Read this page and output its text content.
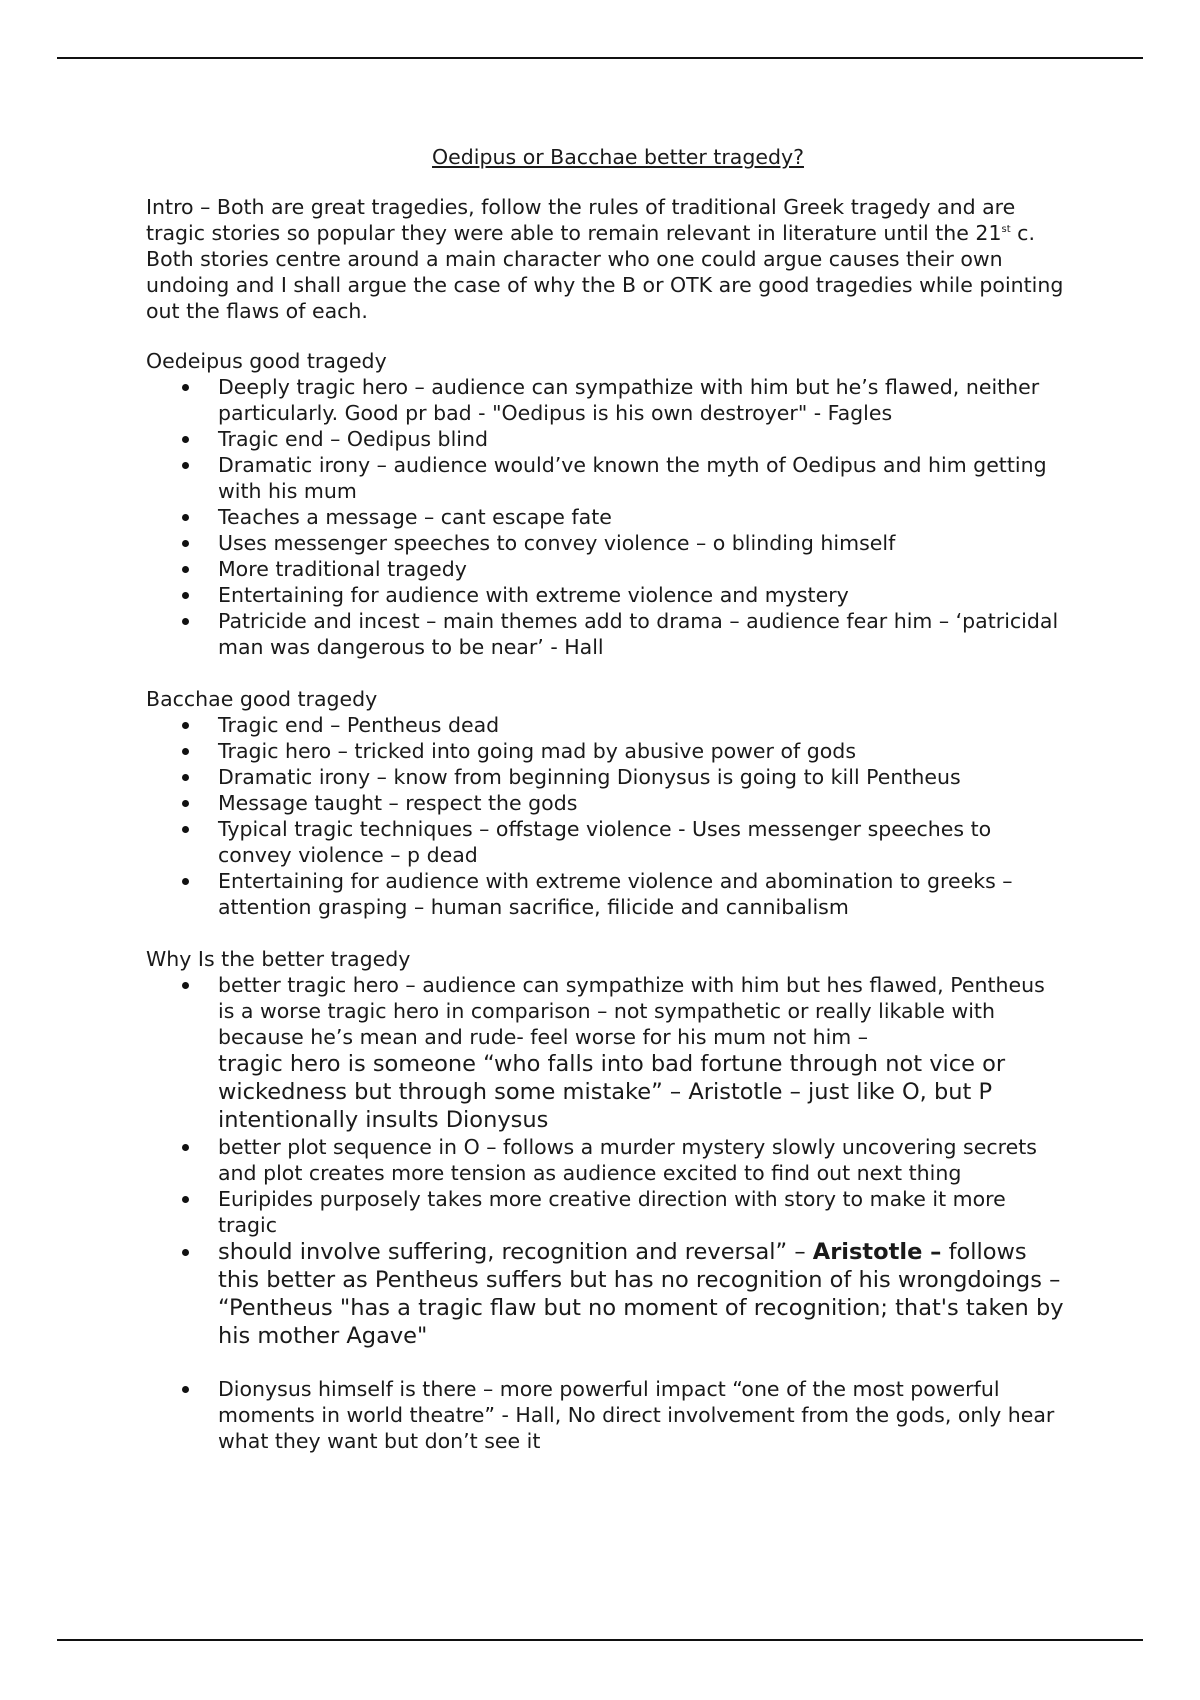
Oedipus or Bacchae better tragedy?

Intro – Both are great tragedies, follow the rules of traditional Greek tragedy and are tragic stories so popular they were able to remain relevant in literature until the 21st c. Both stories centre around a main character who one could argue causes their own undoing and I shall argue the case of why the B or OTK are good tragedies while pointing out the flaws of each.

Oedeipus good tragedy

Deeply tragic hero – audience can sympathize with him but he’s flawed, neither particularly. Good pr bad - "Oedipus is his own destroyer" - Fagles
Tragic end – Oedipus blind
Dramatic irony – audience would’ve known the myth of Oedipus and him getting with his mum
Teaches a message – cant escape fate
Uses messenger speeches to convey violence – o blinding himself
More traditional tragedy
Entertaining for audience with extreme violence and mystery
Patricide and incest – main themes add to drama – audience fear him – ‘patricidal man was dangerous to be near’ - Hall

Bacchae good tragedy

Tragic end – Pentheus dead
Tragic hero – tricked into going mad by abusive power of gods
Dramatic irony – know from beginning Dionysus is going to kill Pentheus
Message taught – respect the gods
Typical tragic techniques – offstage violence - Uses messenger speeches to convey violence – p dead
Entertaining for audience with extreme violence and abomination to greeks – attention grasping – human sacrifice, filicide and cannibalism

Why Is the better tragedy

better tragic hero – audience can sympathize with him but hes flawed, Pentheus is a worse tragic hero in comparison – not sympathetic or really likable with because he’s mean and rude- feel worse for his mum not him –
tragic hero is someone “who falls into bad fortune through not vice or wickedness but through some mistake” – Aristotle – just like O, but P intentionally insults Dionysus
better plot sequence in O – follows a murder mystery slowly uncovering secrets and plot creates more tension as audience excited to find out next thing
Euripides purposely takes more creative direction with story to make it more tragic
should involve suffering, recognition and reversal” – Aristotle – follows this better as Pentheus suffers but has no recognition of his wrongdoings – “Pentheus "has a tragic flaw but no moment of recognition; that's taken by his mother Agave"
Dionysus himself is there – more powerful impact “one of the most powerful moments in world theatre” - Hall, No direct involvement from the gods, only hear what they want but don’t see it
